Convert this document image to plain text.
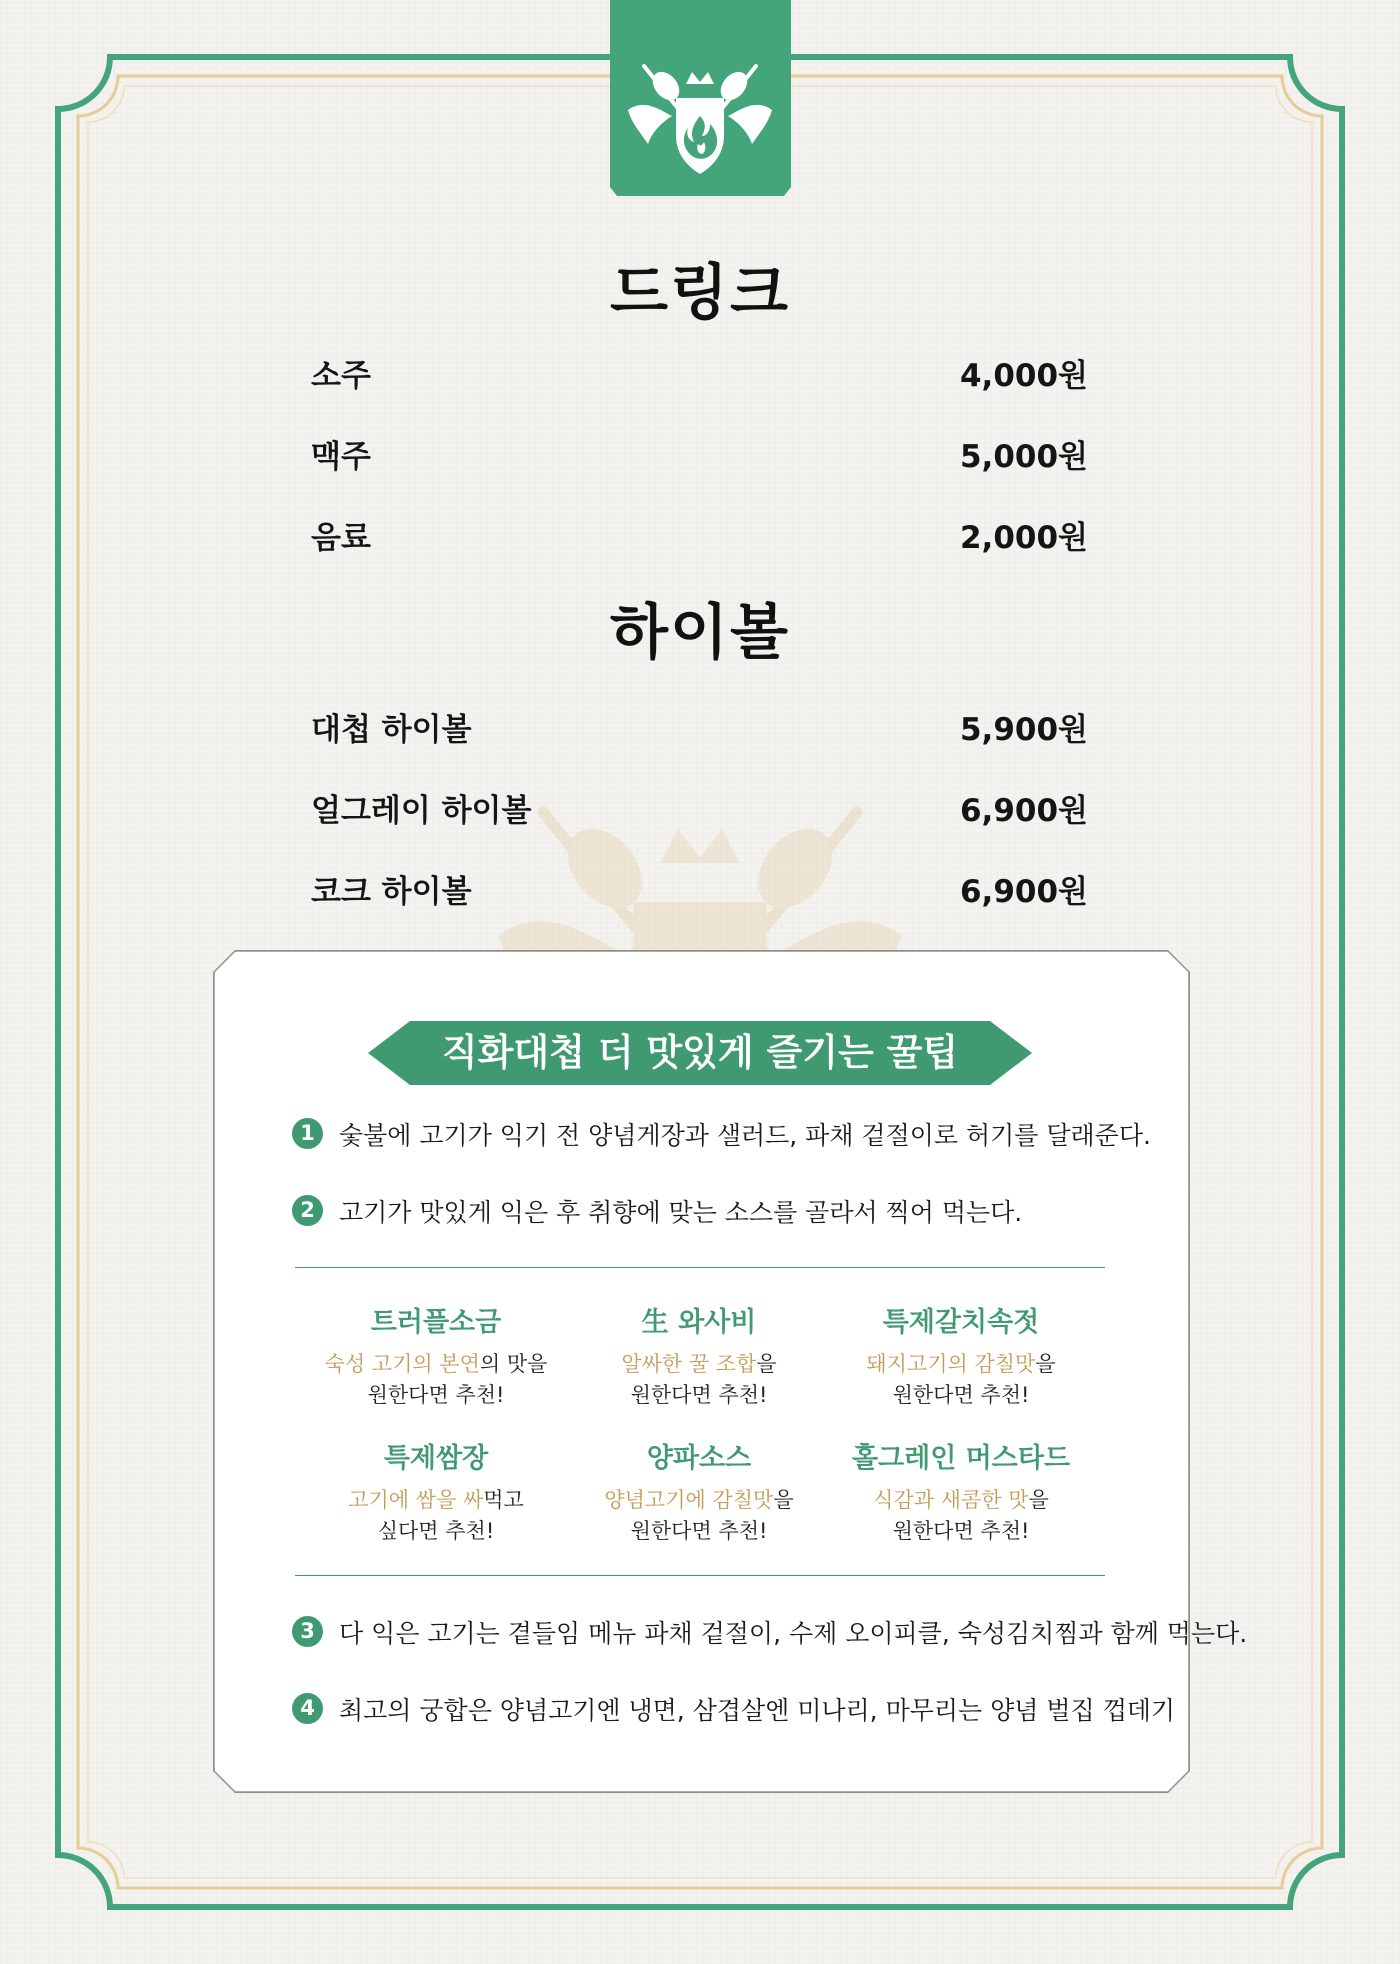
드링크
소주	4,000원
맥주	5,000원
음료	2,000원
하이볼
대첩 하이볼	5,900원
얼그레이 하이볼	6,900원
코크 하이볼	6,900원
직화대첩 더 맛있게 즐기는 꿀팁
1 숯불에 고기가 익기 전 양념게장과 샐러드, 파채 겉절이로 허기를 달래준다.
2 고기가 맛있게 익은 후 취향에 맞는 소스를 골라서 찍어 먹는다.
트러플소금
숙성 고기의 본연의 맛을
원한다면 추천!
生 와사비
알싸한 꿀 조합을
원한다면 추천!
특제갈치속젓
돼지고기의 감칠맛을
원한다면 추천!
특제쌈장
고기에 쌈을 싸먹고
싶다면 추천!
양파소스
양념고기에 감칠맛을
원한다면 추천!
홀그레인 머스타드
식감과 새콤한 맛을
원한다면 추천!
3 다 익은 고기는 곁들임 메뉴 파채 겉절이, 수제 오이피클, 숙성김치찜과 함께 먹는다.
4 최고의 궁합은 양념고기엔 냉면, 삼겹살엔 미나리, 마무리는 양념 벌집 껍데기
